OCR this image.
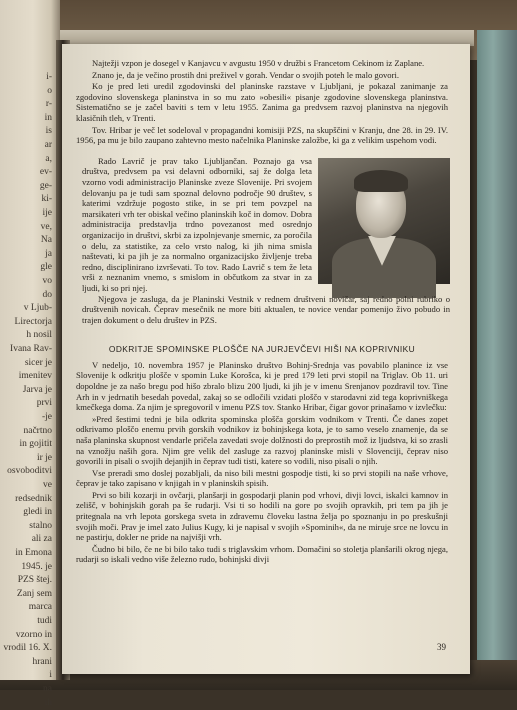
i-
o
r-
in
is
ar
a,
ev-
ge-
ki-
ije
ve,
Na
ja
gle
vo
do
v Ljub-
Lirectorja
h nosil
Ivana Rav-
sicer je
imenitev
Jarva je
prvi
-je
načrtno
in gojitit
ir je
osvoboditvi
ve
redsednik
gledi in
stalno
ali za
in Emona
1945. je
PZS štej.
Zanj sem
marca
tudi
vzorno in
vrodil 16. X.
hrani
i
na
ih

Najtežji vzpon je dosegel v Kanjavcu v avgustu 1950 v družbi s Francetom Cekinom iz Zaplane.

Znano je, da je večino prostih dni preživel v gorah. Vendar o svojih poteh le malo govori.

Ko je pred leti uredil zgodovinski del planinske razstave v Ljubljani, je pokazal zanimanje za zgodovino slovenskega planinstva in so mu zato »obesili« pisanje zgodovine slovenskega planinstva. Sistematično se je začel baviti s tem v letu 1955. Zanima ga predvsem razvoj planinstva na njegovih klasičnih tleh, v Trenti.

Tov. Hribar je več let sodeloval v propagandni komisiji PZS, na skupščini v Kranju, dne 28. in 29. IV. 1956, pa mu je bilo zaupano zahtevno mesto načelnika Planinske založbe, ki ga z velikim uspehom vodi.

Rado Lavrič je prav tako Ljubljančan. Poznajo ga vsa društva, predvsem pa vsi delavni odborniki, saj že dolga leta vzorno vodi administracijo Planinske zveze Slovenije. Pri svojem delovanju pa je tudi sam spoznal delovno področje 90 društev, s katerimi vzdržuje pogosto stike, in se pri tem povzpel na marsikateri vrh ter obiskal večino planinskih koč in domov. Dobra administracija predstavlja trdno povezanost med osrednjo organizacijo in društvi, skrbi za izpolnjevanje smernic, za poročila o delu, za statistike, za celo vrsto nalog, ki jih nima smisla naštevati, ki pa jih je za normalno organizacijsko življenje treba redno, disciplinirano izvrševati. To tov. Rado Lavrič s tem že leta vrši z neznanim vnemo, s smislom in občutkom za stvar in za ljudi, ki so pri njej.

Njegova je zasluga, da je Planinski Vestnik v rednem društveni novičar, saj redno polni rubriko o društvenih novicah. Čeprav mesečnik ne more biti aktualen, te novice vendar pomenijo živo pobudo in trajen dokument o delu društev in PZS.

ODKRITJE SPOMINSKE PLOŠČE NA JURJEVČEVI HIŠI NA KOPRIVNIKU

V nedeljo, 10. novembra 1957 je Planinsko društvo Bohinj-Srednja vas povabilo planince iz vse Slovenije k odkritju plošče v spomin Luke Korošca, ki je pred 179 leti prvi stopil na Triglav. Ob 11. uri dopoldne je za našo bregu pod hišo zbralo blizu 200 ljudi, ki jih je v imenu Srenjanov pozdravil tov. Tine Arh in v jedrnatih besedah povedal, zakaj so se odločili vzidati ploščo v starodavni zid tega koprivniškega kmečkega doma. Za njim je spregovoril v imenu PZS tov. Stanko Hribar, čigar govor prinašamo v izvlečku:

»Pred šestimi tedni je bila odkrita spominska plošča gorskim vodnikom v Trenti. Če danes zopet odkrivamo ploščo enemu prvih gorskih vodnikov iz bohinjskega kota, je to samo veselo znamenje, da se naša planinska skupnost vendarle pričela zavedati svoje dolžnosti do preprostih mož iz ljudstva, ki so zrasli na vznožju naših gora. Njim gre velik del zasluge za razvoj planinske misli v Slovenciji, čeprav niso govorili in pisali o svojih dejanjih in čeprav tudi tisti, katere so vodili, niso pisali o njih.

Vse preradi smo doslej pozabljali, da niso bili mestni gospodje tisti, ki so prvi stopili na naše vrhove, čeprav je tako zapisano v knjigah in v planinskih spisih.

Prvi so bili kozarji in ovčarji, planšarji in gospodarji planin pod vrhovi, divji lovci, iskalci kamnov in zelišč, v bohinjskih gorah pa še rudarji. Vsi ti so hodili na gore po svojih opravkih, pri tem pa jih je pritegnala na vrh lepota gorskega sveta in zdravemu človeku lastna želja po spoznanju in po preskušnji svojih moči. Prav je imel zato Julius Kugy, ki je napisal v svojih »Spominih«, da ne miruje srce ne lovcu in ne pastirju, dokler ne pride na najvišji vrh.

Čudno bi bilo, če ne bi bilo tako tudi s triglavskim vrhom. Domačini so stoletja planšarili okrog njega, rudarji so iskali vedno više železno rudo, bohinjski divji

39
